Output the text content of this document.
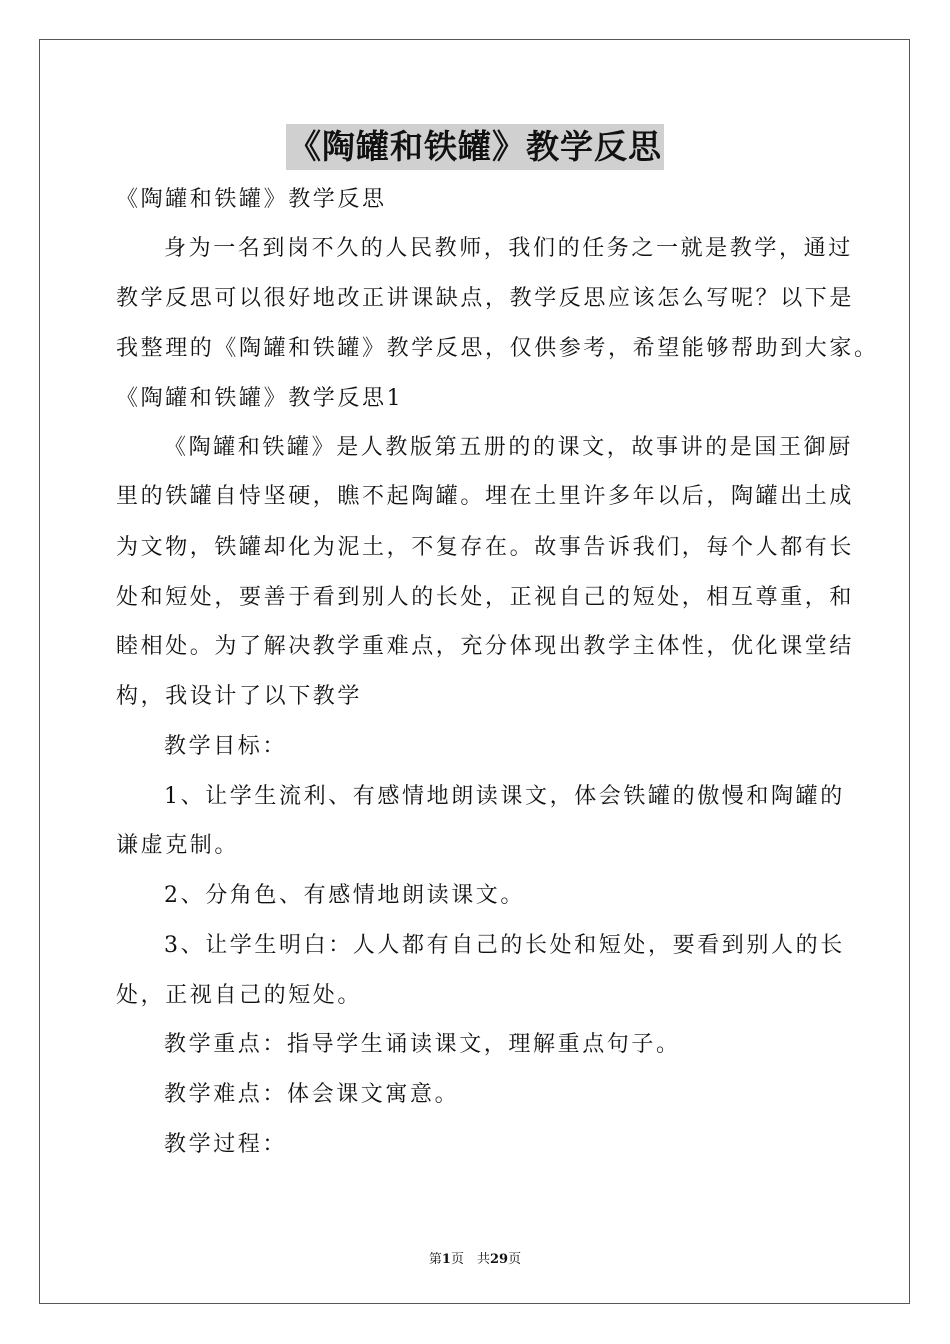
《陶罐和铁罐》教学反思
《陶罐和铁罐》教学反思
身为一名到岗不久的人民教师，我们的任务之一就是教学，通过
教学反思可以很好地改正讲课缺点，教学反思应该怎么写呢？以下是
我整理的《陶罐和铁罐》教学反思，仅供参考，希望能够帮助到大家。
《陶罐和铁罐》教学反思1
《陶罐和铁罐》是人教版第五册的的课文，故事讲的是国王御厨
里的铁罐自恃坚硬，瞧不起陶罐。埋在土里许多年以后，陶罐出土成
为文物，铁罐却化为泥土，不复存在。故事告诉我们，每个人都有长
处和短处，要善于看到别人的长处，正视自己的短处，相互尊重，和
睦相处。为了解决教学重难点，充分体现出教学主体性，优化课堂结
构，我设计了以下教学
教学目标：
1、让学生流利、有感情地朗读课文，体会铁罐的傲慢和陶罐的
谦虚克制。
2、分角色、有感情地朗读课文。
3、让学生明白：人人都有自己的长处和短处，要看到别人的长
处，正视自己的短处。
教学重点：指导学生诵读课文，理解重点句子。
教学难点：体会课文寓意。
教学过程：
第1页　共29页
